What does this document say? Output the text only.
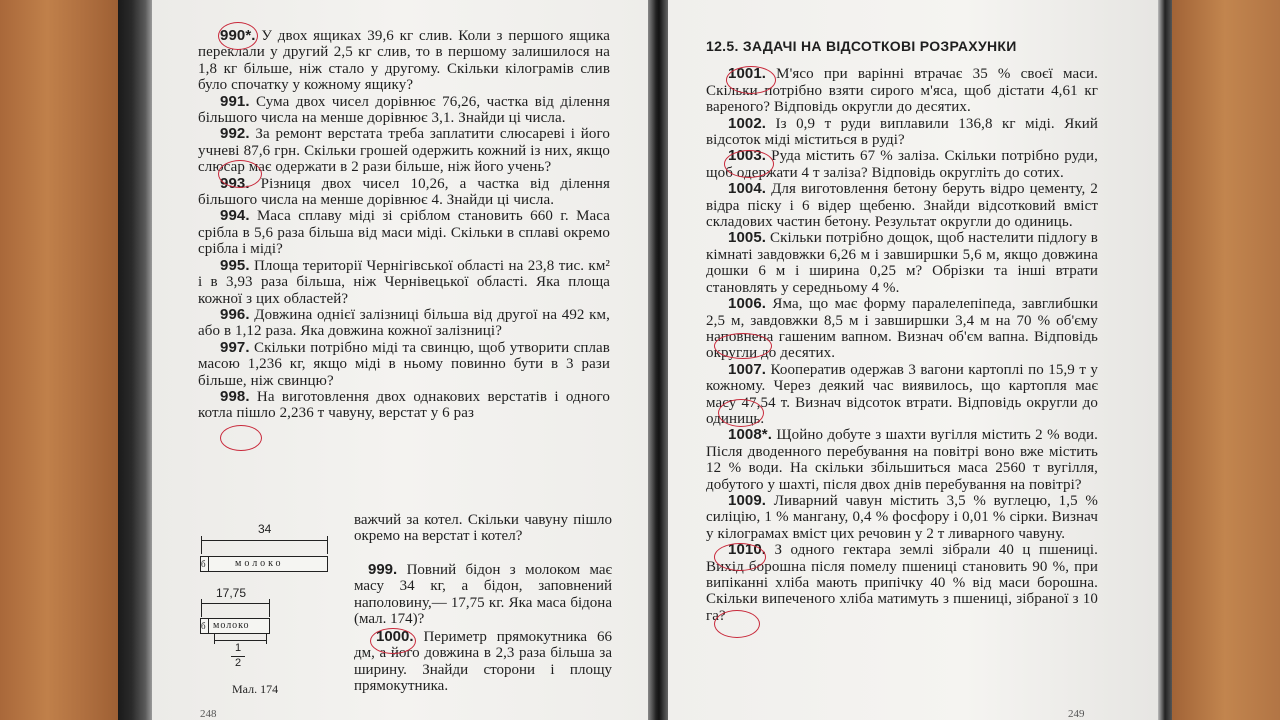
990*. У двох ящиках 39,6 кг слив. Коли з першого ящика переклали у другий 2,5 кг слив, то в першому залишилося на 1,8 кг більше, ніж стало у другому. Скільки кілограмів слив було спочатку у кожному ящику?

991. Сума двох чисел дорівнює 76,26, частка від ділення більшого числа на менше дорівнює 3,1. Знайди ці числа.

992. За ремонт верстата треба заплатити слюсареві і його учневі 87,6 грн. Скільки грошей одержить кожний із них, якщо слюсар має одержати в 2 рази більше, ніж його учень?

993. Різниця двох чисел 10,26, а частка від ділення більшого числа на менше дорівнює 4. Знайди ці числа.

994. Маса сплаву міді зі сріблом становить 660 г. Маса срібла в 5,6 раза більша від маси міді. Скільки в сплаві окремо срібла і міді?

995. Площа території Чернігівської області на 23,8 тис. км² і в 3,93 раза більша, ніж Чернівецької області. Яка площа кожної з цих областей?

996. Довжина однієї залізниці більша від другої на 492 км, або в 1,12 раза. Яка довжина кожної залізниці?

997. Скільки потрібно міді та свинцю, щоб утворити сплав масою 1,236 кг, якщо міді в ньому повинно бути в 3 рази більше, ніж свинцю?

998. На виготовлення двох однакових верстатів і одного котла пішло 2,236 т чавуну, верстат у 6 раз

важчий за котел. Скільки чавуну пішло окремо на верстат і котел?
999. Повний бідон з молоком має масу 34 кг, а бідон, заповнений наполовину,— 17,75 кг. Яка маса бідона (мал. 174)?
1000. Периметр прямокутника 66 дм, а його довжина в 2,3 раза більша за ширину. Знайди сторони і площу прямокутника.
34
б	молоко
17,75
б молоко
1
2
Мал. 174
248
12.5. ЗАДАЧІ НА ВІДСОТКОВІ РОЗРАХУНКИ

1001. М'ясо при варінні втрачає 35 % своєї маси. Скільки потрібно взяти сирого м'яса, щоб дістати 4,61 кг вареного? Відповідь округли до десятих.

1002. Із 0,9 т руди виплавили 136,8 кг міді. Який відсоток міді міститься в руді?

1003. Руда містить 67 % заліза. Скільки потрібно руди, щоб одержати 4 т заліза? Відповідь округліть до сотих.

1004. Для виготовлення бетону беруть відро цементу, 2 відра піску і 6 відер щебеню. Знайди відсотковий вміст складових частин бетону. Результат округли до одиниць.

1005. Скільки потрібно дощок, щоб настелити підлогу в кімнаті завдовжки 6,26 м і завширшки 5,6 м, якщо довжина дошки 6 м і ширина 0,25 м? Обрізки та інші втрати становлять у середньому 4 %.

1006. Яма, що має форму паралелепіпеда, завглибшки 2,5 м, завдовжки 8,5 м і завширшки 3,4 м на 70 % об'єму наповнена гашеним вапном. Визнач об'єм вапна. Відповідь округли до десятих.

1007. Кооператив одержав 3 вагони картоплі по 15,9 т у кожному. Через деякий час виявилось, що картопля має масу 47,54 т. Визнач відсоток втрати. Відповідь округли до одиниць.

1008*. Щойно добуте з шахти вугілля містить 2 % води. Після дводенного перебування на повітрі воно вже містить 12 % води. На скільки збільшиться маса 2560 т вугілля, добутого у шахті, після двох днів перебування на повітрі?

1009. Ливарний чавун містить 3,5 % вуглецю, 1,5 % силіцію, 1 % мангану, 0,4 % фосфору і 0,01 % сірки. Визнач у кілограмах вміст цих речовин у 2 т ливарного чавуну.

1010. З одного гектара землі зібрали 40 ц пшениці. Вихід борошна після помелу пшениці становить 90 %, при випіканні хліба мають припічку 40 % від маси борошна. Скільки випеченого хліба матимуть з пшениці, зібраної з 10 га?

249
